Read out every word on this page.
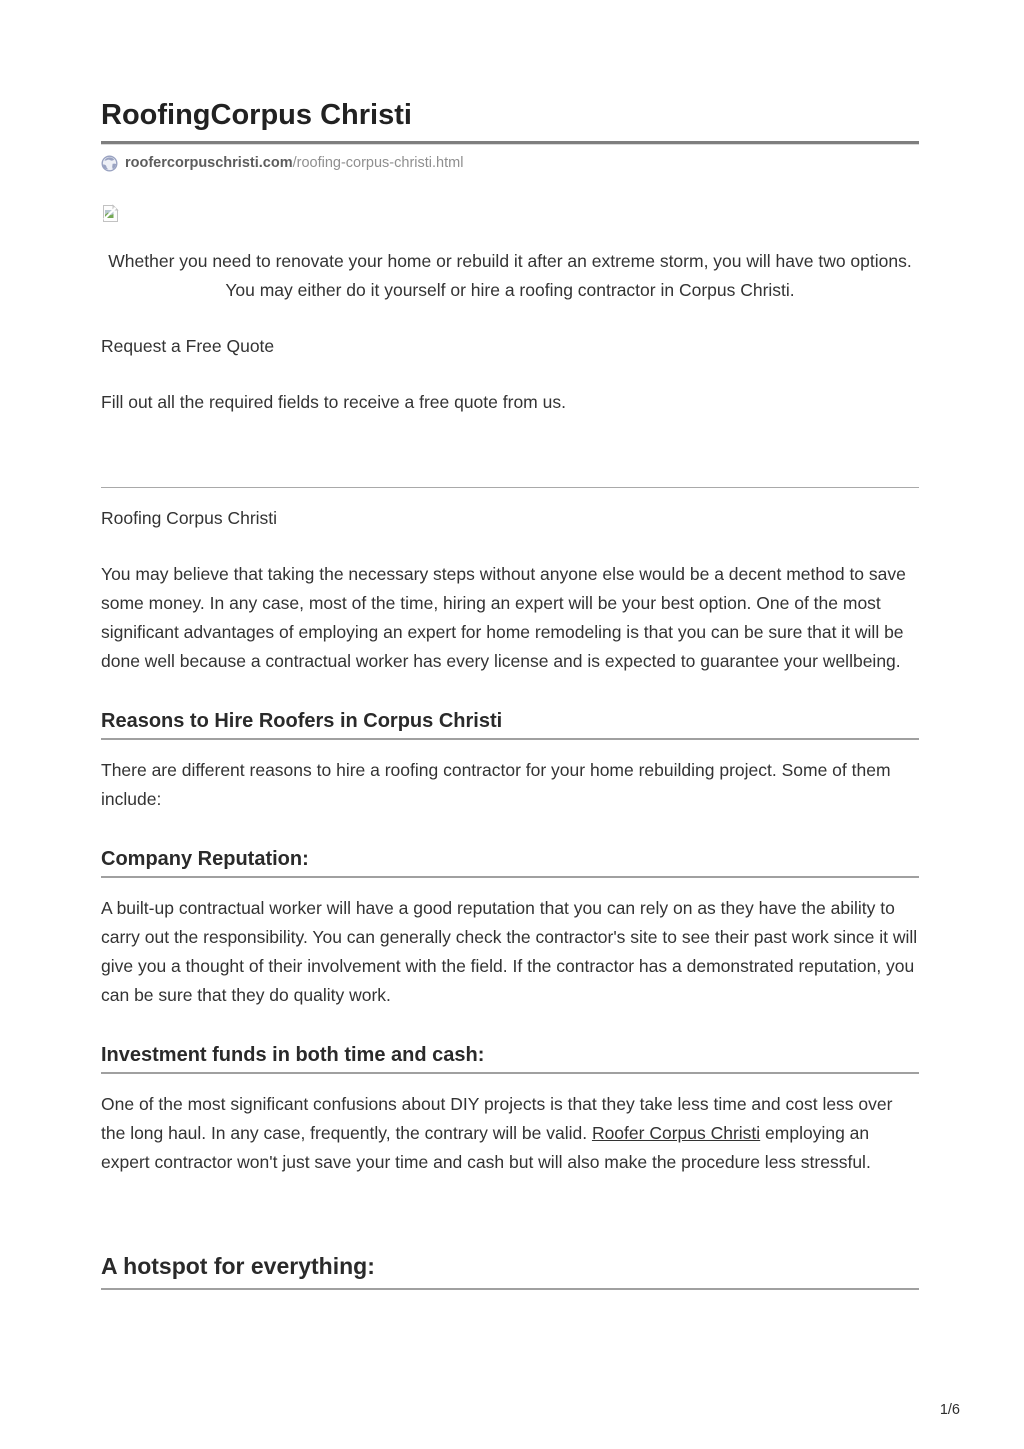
RoofingCorpus Christi
roofercorpuschristi.com /roofing-corpus-christi.html

Whether you need to renovate your home or rebuild it after an extreme storm, you will have two options. You may either do it yourself or hire a roofing contractor in Corpus Christi.

Request a Free Quote

Fill out all the required fields to receive a free quote from us.

Roofing Corpus Christi

You may believe that taking the necessary steps without anyone else would be a decent method to save some money. In any case, most of the time, hiring an expert will be your best option. One of the most significant advantages of employing an expert for home remodeling is that you can be sure that it will be done well because a contractual worker has every license and is expected to guarantee your wellbeing.

Reasons to Hire Roofers in Corpus Christi

There are different reasons to hire a roofing contractor for your home rebuilding project. Some of them include:

Company Reputation:

A built-up contractual worker will have a good reputation that you can rely on as they have the ability to carry out the responsibility. You can generally check the contractor's site to see their past work since it will give you a thought of their involvement with the field. If the contractor has a demonstrated reputation, you can be sure that they do quality work.

Investment funds in both time and cash:

One of the most significant confusions about DIY projects is that they take less time and cost less over the long haul. In any case, frequently, the contrary will be valid. Roofer Corpus Christi employing an expert contractor won't just save your time and cash but will also make the procedure less stressful.

A hotspot for everything:
1/6
